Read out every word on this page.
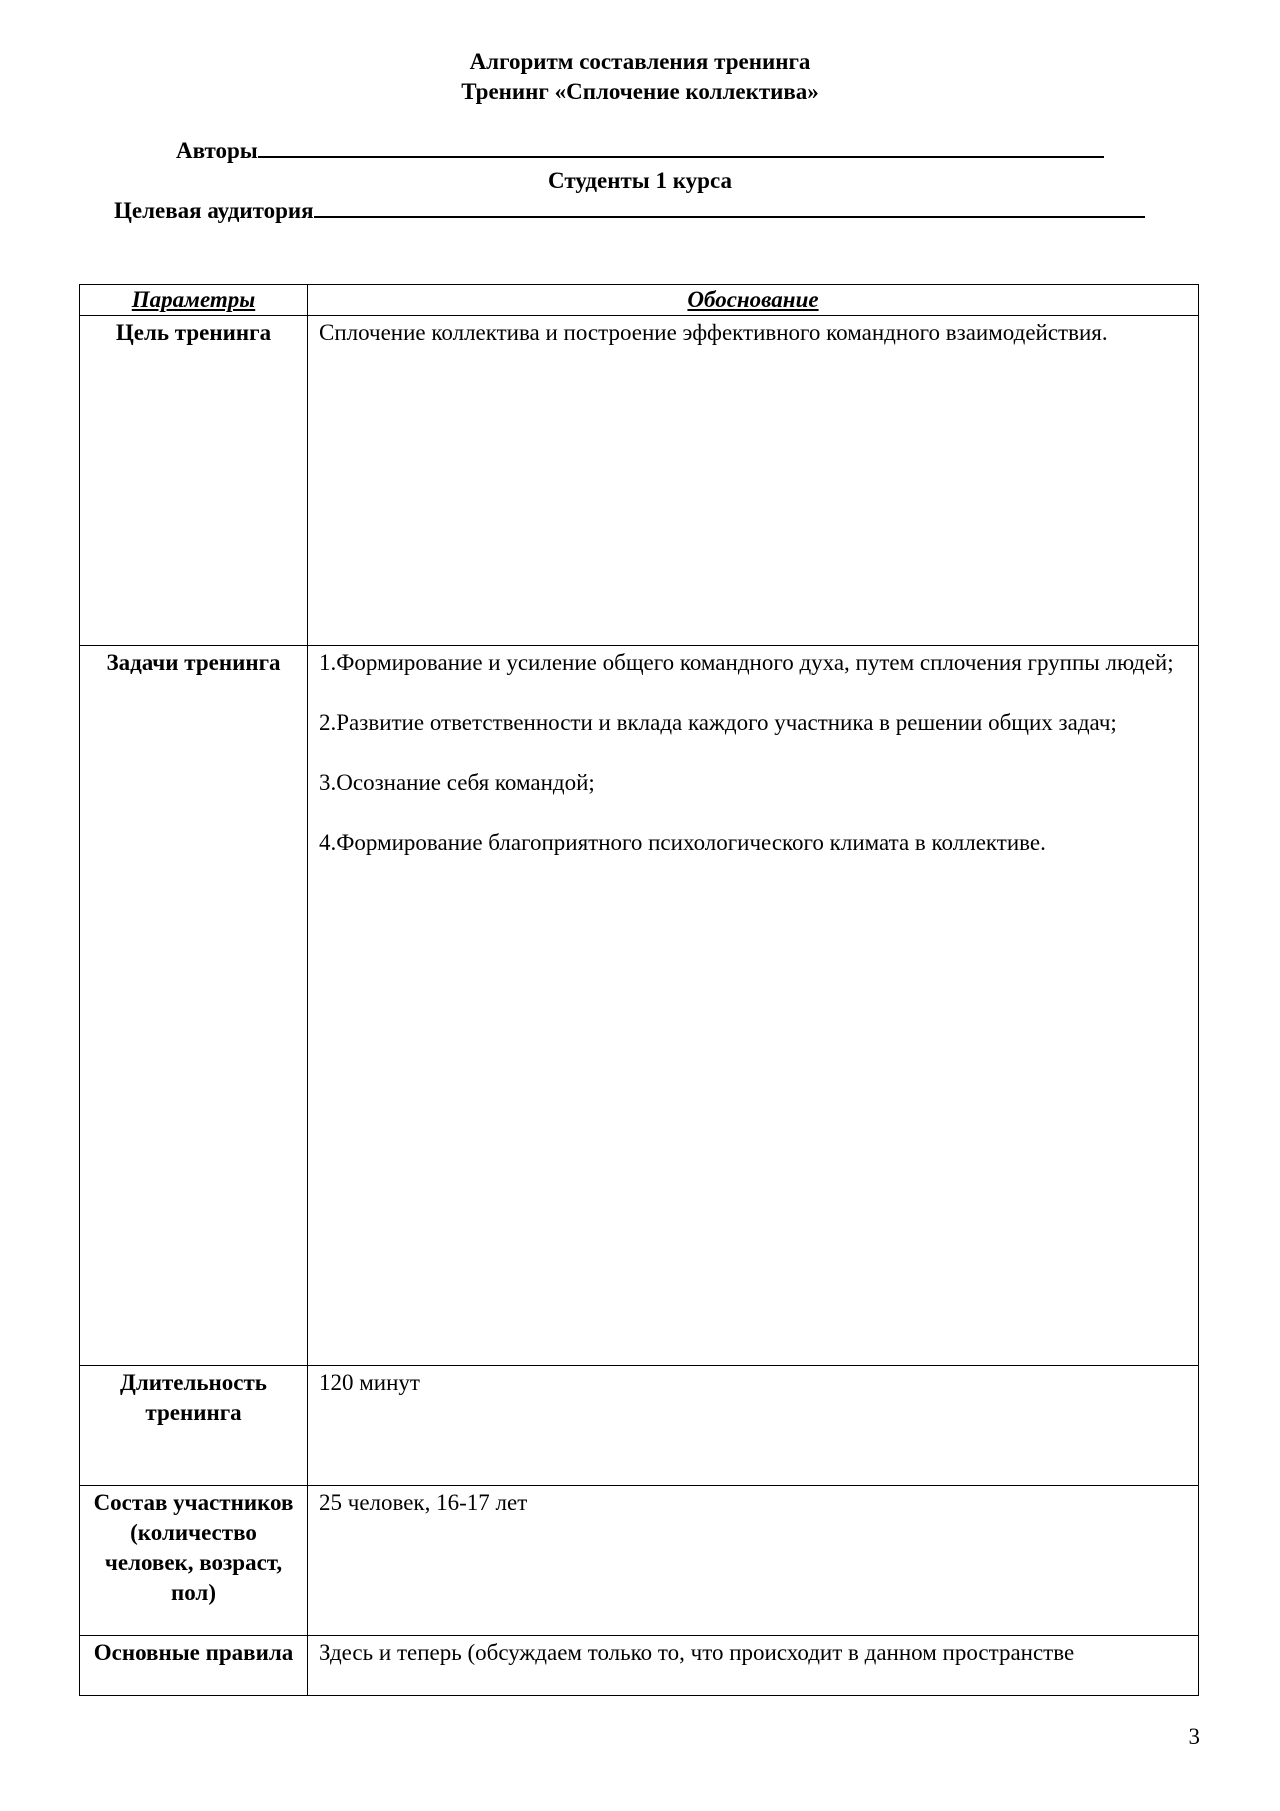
Алгоритм составления тренинга
Тренинг «Сплочение коллектива»
Авторы
Студенты 1 курса
Целевая аудитория
Параметры	Обоснование
Цель тренинга	Сплочение коллектива и построение эффективного командного взаимодействия.
Задачи тренинга	1.Формирование и усиление общего командного духа, путем сплочения группы людей;

2.Развитие ответственности и вклада каждого участника в решении общих задач;

3.Осознание себя командой;

4.Формирование благоприятного психологического климата в коллективе.

Длительность тренинга	120 минут
Состав участников (количество человек, возраст, пол)	25 человек, 16-17 лет
Основные правила	Здесь и теперь (обсуждаем только то, что происходит в данном пространстве
3
